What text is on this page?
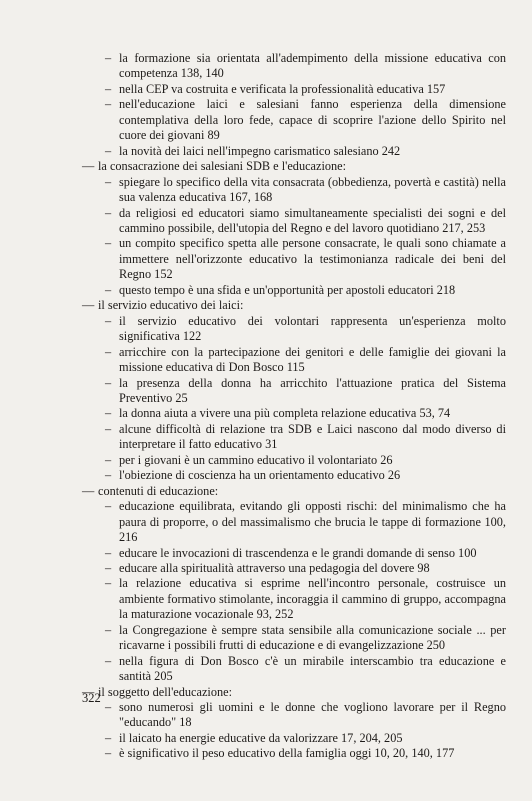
– la formazione sia orientata all'adempimento della missione educativa con competenza 138, 140
– nella CEP va costruita e verificata la professionalità educativa 157
– nell'educazione laici e salesiani fanno esperienza della dimensione contemplativa della loro fede, capace di scoprire l'azione dello Spirito nel cuore dei giovani 89
– la novità dei laici nell'impegno carismatico salesiano 242
— la consacrazione dei salesiani SDB e l'educazione:
– spiegare lo specifico della vita consacrata (obbedienza, povertà e castità) nella sua valenza educativa 167, 168
– da religiosi ed educatori siamo simultaneamente specialisti dei sogni e del cammino possibile, dell'utopia del Regno e del lavoro quotidiano 217, 253
– un compito specifico spetta alle persone consacrate, le quali sono chiamate a immettere nell'orizzonte educativo la testimonianza radicale dei beni del Regno 152
– questo tempo è una sfida e un'opportunità per apostoli educatori 218
— il servizio educativo dei laici:
– il servizio educativo dei volontari rappresenta un'esperienza molto significativa 122
– arricchire con la partecipazione dei genitori e delle famiglie dei giovani la missione educativa di Don Bosco 115
– la presenza della donna ha arricchito l'attuazione pratica del Sistema Preventivo 25
– la donna aiuta a vivere una più completa relazione educativa 53, 74
– alcune difficoltà di relazione tra SDB e Laici nascono dal modo diverso di interpretare il fatto educativo 31
– per i giovani è un cammino educativo il volontariato 26
– l'obiezione di coscienza ha un orientamento educativo 26
— contenuti di educazione:
– educazione equilibrata, evitando gli opposti rischi: del minimalismo che ha paura di proporre, o del massimalismo che brucia le tappe di formazione 100, 216
– educare le invocazioni di trascendenza e le grandi domande di senso 100
– educare alla spiritualità attraverso una pedagogia del dovere 98
– la relazione educativa si esprime nell'incontro personale, costruisce un ambiente formativo stimolante, incoraggia il cammino di gruppo, accompagna la maturazione vocazionale 93, 252
– la Congregazione è sempre stata sensibile alla comunicazione sociale ... per ricavarne i possibili frutti di educazione e di evangelizzazione 250
– nella figura di Don Bosco c'è un mirabile interscambio tra educazione e santità 205
— il soggetto dell'educazione:
– sono numerosi gli uomini e le donne che vogliono lavorare per il Regno "educando" 18
– il laicato ha energie educative da valorizzare 17, 204, 205
– è significativo il peso educativo della famiglia oggi 10, 20, 140, 177
322
